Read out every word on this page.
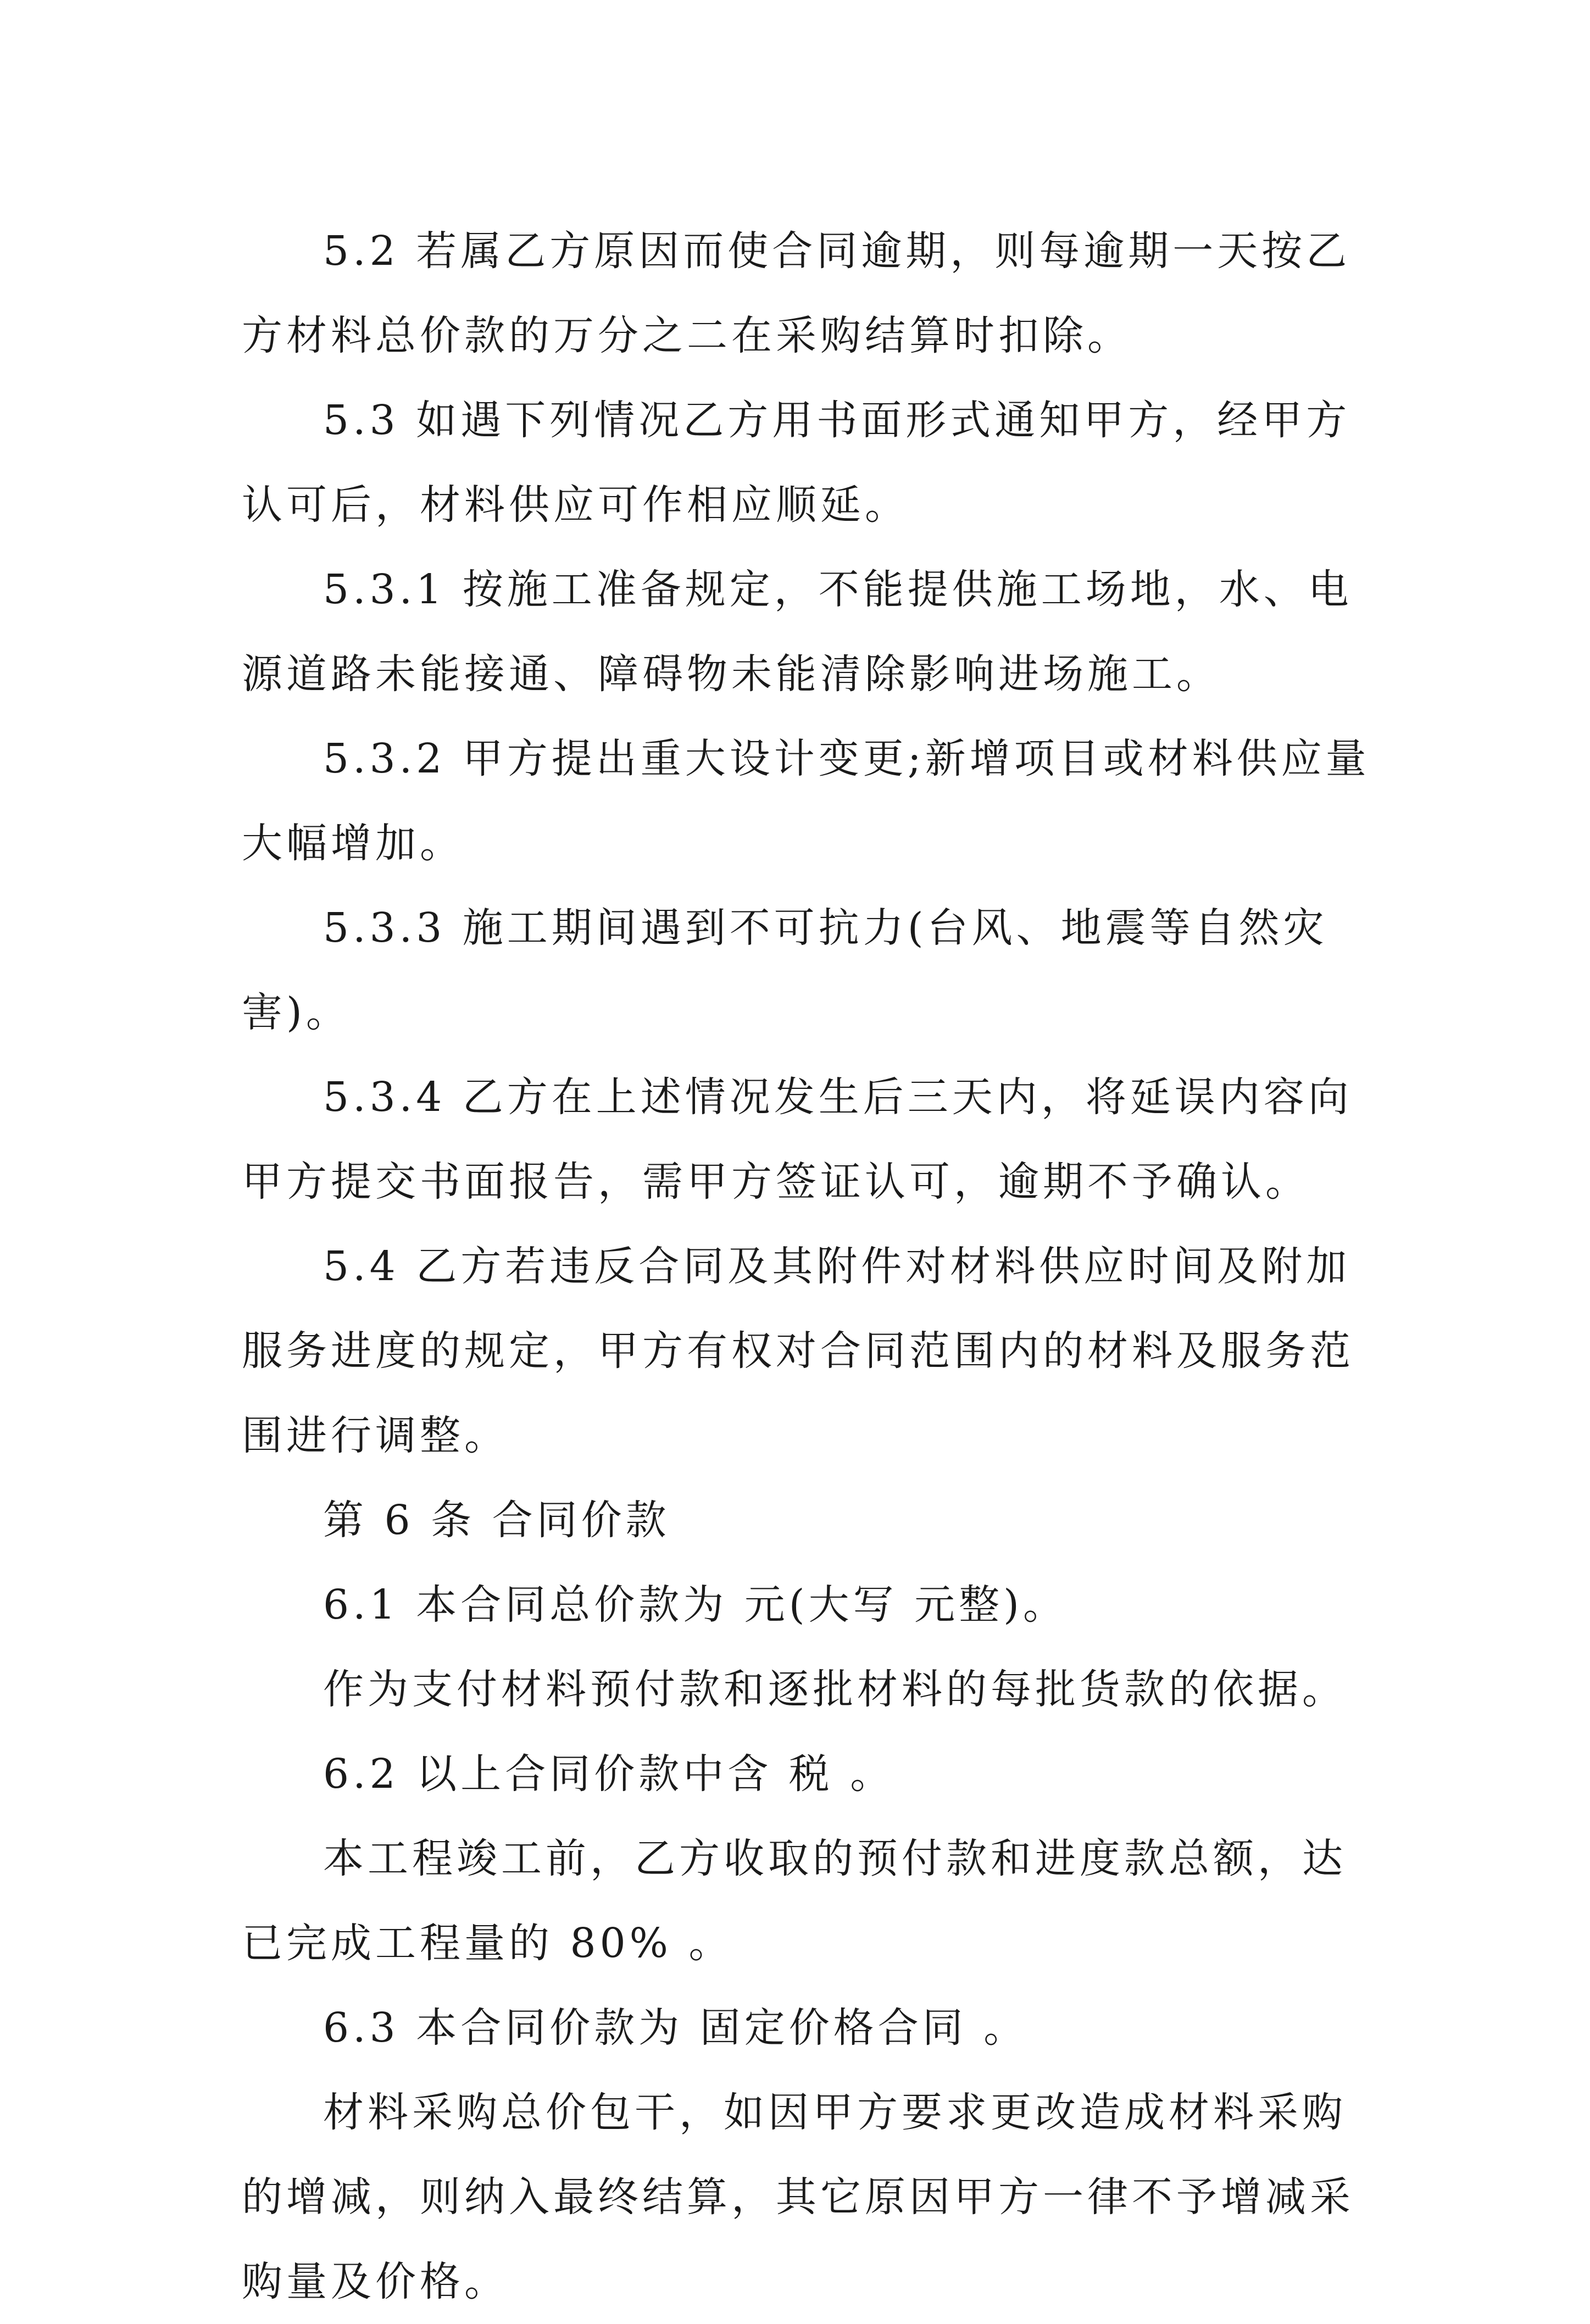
5.2 若属乙方原因而使合同逾期，则每逾期一天按乙方材料总价款的万分之二在采购结算时扣除。

5.3 如遇下列情况乙方用书面形式通知甲方，经甲方认可后，材料供应可作相应顺延。

5.3.1 按施工准备规定，不能提供施工场地，水、电源道路未能接通、障碍物未能清除影响进场施工。

5.3.2 甲方提出重大设计变更;新增项目或材料供应量大幅增加。

5.3.3 施工期间遇到不可抗力(台风、地震等自然灾害)。

5.3.4 乙方在上述情况发生后三天内，将延误内容向甲方提交书面报告，需甲方签证认可，逾期不予确认。

5.4 乙方若违反合同及其附件对材料供应时间及附加服务进度的规定，甲方有权对合同范围内的材料及服务范围进行调整。

第 6 条 合同价款

6.1 本合同总价款为 元(大写 元整)。

作为支付材料预付款和逐批材料的每批货款的依据。

6.2 以上合同价款中含 税 。

本工程竣工前，乙方收取的预付款和进度款总额，达已完成工程量的 80% 。

6.3 本合同价款为 固定价格合同 。

材料采购总价包干，如因甲方要求更改造成材料采购的增减，则纳入最终结算，其它原因甲方一律不予增减采购量及价格。
